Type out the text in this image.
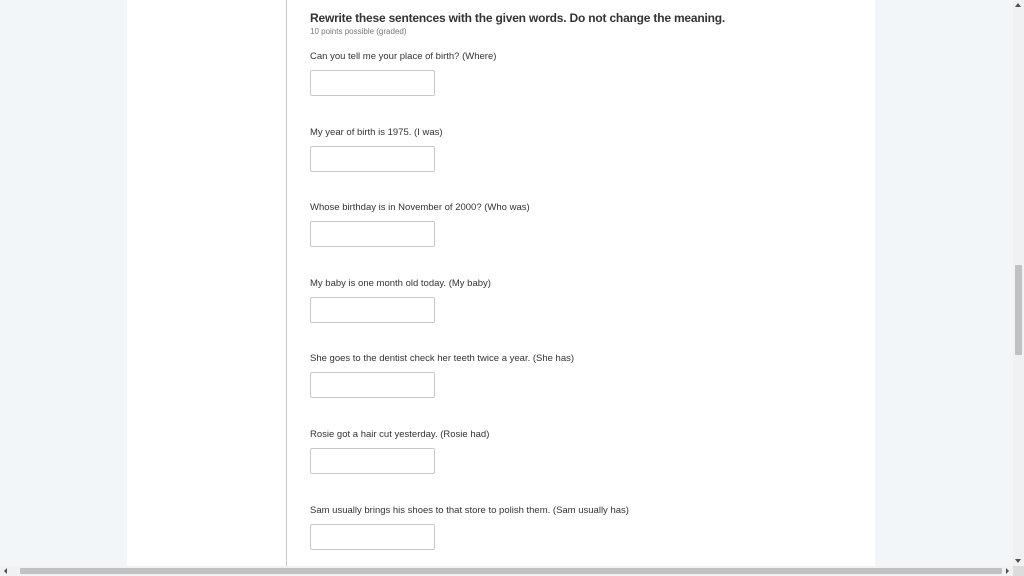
Rewrite these sentences with the given words. Do not change the meaning.

10 points possible (graded)

Can you tell me your place of birth? (Where)
My year of birth is 1975. (I was)
Whose birthday is in November of 2000? (Who was)
My baby is one month old today. (My baby)
She goes to the dentist check her teeth twice a year. (She has)
Rosie got a hair cut yesterday. (Rosie had)
Sam usually brings his shoes to that store to polish them. (Sam usually has)
